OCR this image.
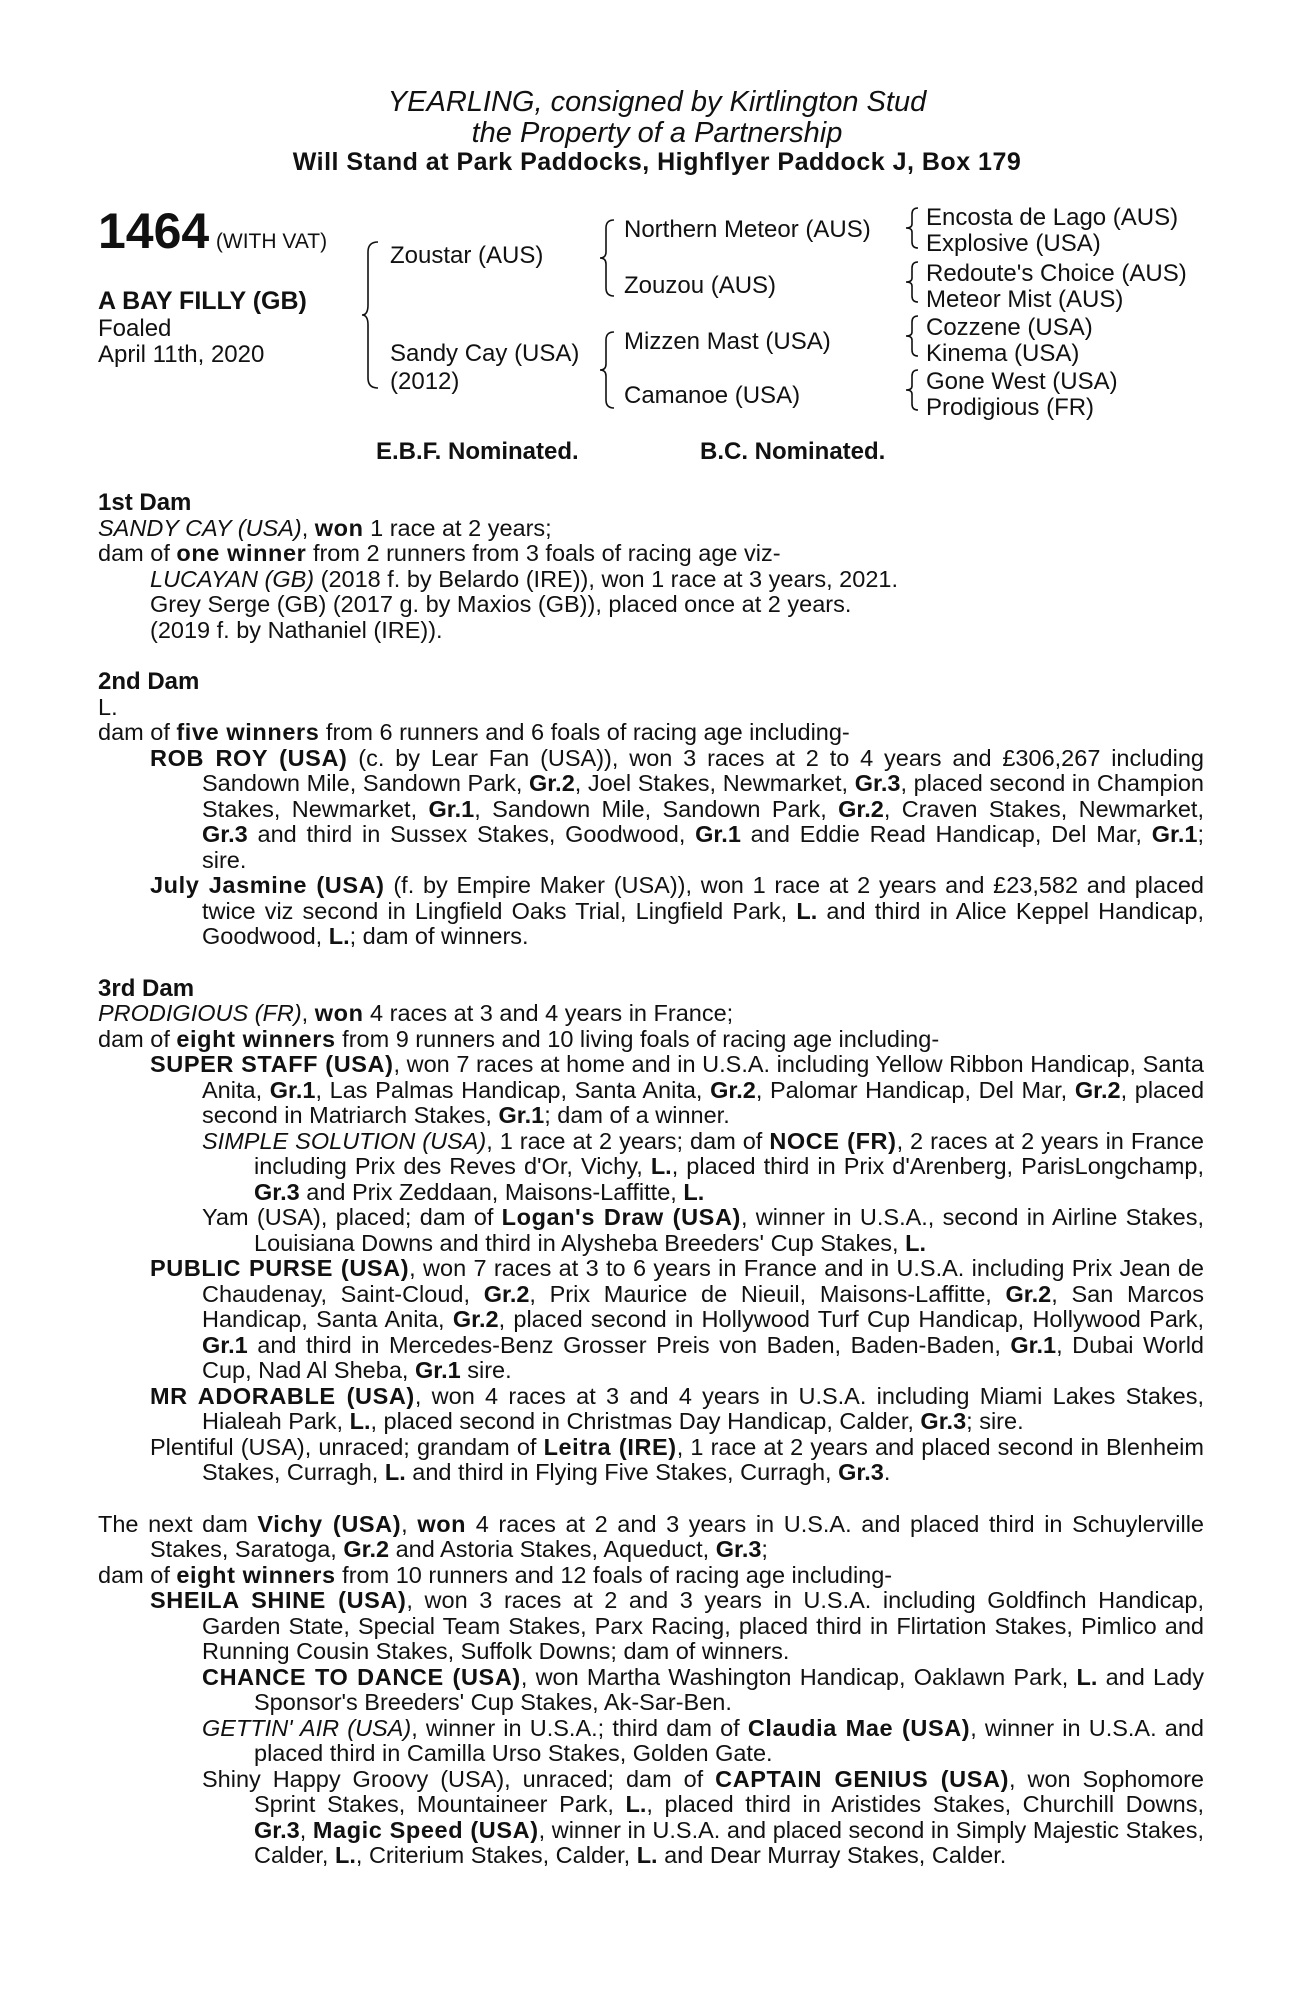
YEARLING, consigned by Kirtlington Stud
the Property of a Partnership
Will Stand at Park Paddocks, Highflyer Paddock J, Box 179
1464 (WITH VAT)
A BAY FILLY (GB)
Foaled
April 11th, 2020
Zoustar (AUS)
Sandy Cay (USA)
(2012)
Northern Meteor (AUS)
Zouzou (AUS)
Mizzen Mast (USA)
Camanoe (USA)
Encosta de Lago (AUS)
Explosive (USA)
Redoute's Choice (AUS)
Meteor Mist (AUS)
Cozzene (USA)
Kinema (USA)
Gone West (USA)
Prodigious (FR)
E.B.F. Nominated.	B.C. Nominated.

1st Dam

SANDY CAY (USA), won 1 race at 2 years;

dam of one winner from 2 runners from 3 foals of racing age viz-

LUCAYAN (GB) (2018 f. by Belardo (IRE)), won 1 race at 3 years, 2021.

Grey Serge (GB) (2017 g. by Maxios (GB)), placed once at 2 years.

(2019 f. by Nathaniel (IRE)).

2nd Dam

L.

dam of five winners from 6 runners and 6 foals of racing age including-

ROB ROY (USA) (c. by Lear Fan (USA)), won 3 races at 2 to 4 years and £306,267 including Sandown Mile, Sandown Park, Gr.2, Joel Stakes, Newmarket, Gr.3, placed second in Champion Stakes, Newmarket, Gr.1, Sandown Mile, Sandown Park, Gr.2, Craven Stakes, Newmarket, Gr.3 and third in Sussex Stakes, Goodwood, Gr.1 and Eddie Read Handicap, Del Mar, Gr.1; sire.

July Jasmine (USA) (f. by Empire Maker (USA)), won 1 race at 2 years and £23,582 and placed twice viz second in Lingfield Oaks Trial, Lingfield Park, L. and third in Alice Keppel Handicap, Goodwood, L.; dam of winners.

3rd Dam

PRODIGIOUS (FR), won 4 races at 3 and 4 years in France;

dam of eight winners from 9 runners and 10 living foals of racing age including-

SUPER STAFF (USA), won 7 races at home and in U.S.A. including Yellow Ribbon Handicap, Santa Anita, Gr.1, Las Palmas Handicap, Santa Anita, Gr.2, Palomar Handicap, Del Mar, Gr.2, placed second in Matriarch Stakes, Gr.1; dam of a winner.

SIMPLE SOLUTION (USA), 1 race at 2 years; dam of NOCE (FR), 2 races at 2 years in France including Prix des Reves d'Or, Vichy, L., placed third in Prix d'Arenberg, ParisLongchamp, Gr.3 and Prix Zeddaan, Maisons-Laffitte, L.

Yam (USA), placed; dam of Logan's Draw (USA), winner in U.S.A., second in Airline Stakes, Louisiana Downs and third in Alysheba Breeders' Cup Stakes, L.

PUBLIC PURSE (USA), won 7 races at 3 to 6 years in France and in U.S.A. including Prix Jean de Chaudenay, Saint-Cloud, Gr.2, Prix Maurice de Nieuil, Maisons-Laffitte, Gr.2, San Marcos Handicap, Santa Anita, Gr.2, placed second in Hollywood Turf Cup Handicap, Hollywood Park, Gr.1 and third in Mercedes-Benz Grosser Preis von Baden, Baden-Baden, Gr.1, Dubai World Cup, Nad Al Sheba, Gr.1 sire.

MR ADORABLE (USA), won 4 races at 3 and 4 years in U.S.A. including Miami Lakes Stakes, Hialeah Park, L., placed second in Christmas Day Handicap, Calder, Gr.3; sire.

Plentiful (USA), unraced; grandam of Leitra (IRE), 1 race at 2 years and placed second in Blenheim Stakes, Curragh, L. and third in Flying Five Stakes, Curragh, Gr.3.

The next dam Vichy (USA), won 4 races at 2 and 3 years in U.S.A. and placed third in Schuylerville Stakes, Saratoga, Gr.2 and Astoria Stakes, Aqueduct, Gr.3;

dam of eight winners from 10 runners and 12 foals of racing age including-

SHEILA SHINE (USA), won 3 races at 2 and 3 years in U.S.A. including Goldfinch Handicap, Garden State, Special Team Stakes, Parx Racing, placed third in Flirtation Stakes, Pimlico and Running Cousin Stakes, Suffolk Downs; dam of winners.

CHANCE TO DANCE (USA), won Martha Washington Handicap, Oaklawn Park, L. and Lady Sponsor's Breeders' Cup Stakes, Ak-Sar-Ben.

GETTIN' AIR (USA), winner in U.S.A.; third dam of Claudia Mae (USA), winner in U.S.A. and placed third in Camilla Urso Stakes, Golden Gate.

Shiny Happy Groovy (USA), unraced; dam of CAPTAIN GENIUS (USA), won Sophomore Sprint Stakes, Mountaineer Park, L., placed third in Aristides Stakes, Churchill Downs, Gr.3, Magic Speed (USA), winner in U.S.A. and placed second in Simply Majestic Stakes, Calder, L., Criterium Stakes, Calder, L. and Dear Murray Stakes, Calder.
